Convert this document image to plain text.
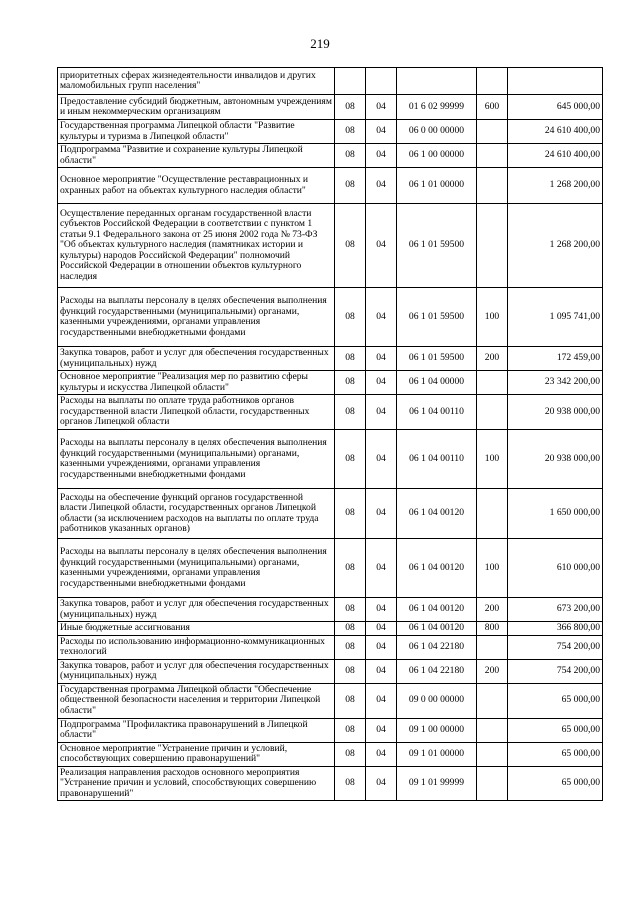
219
приоритетных сферах жизнедеятельности инвалидов и других маломобильных групп населения"					
Предоставление субсидий бюджетным, автономным учреждениям и иным некоммерческим организациям	08	04	01 6 02 99999	600	645 000,00
Государственная программа Липецкой области "Развитие культуры и туризма в Липецкой области"	08	04	06 0 00 00000		24 610 400,00
Подпрограмма "Развитие и сохранение культуры Липецкой области"	08	04	06 1 00 00000		24 610 400,00
Основное мероприятие "Осуществление реставрационных и охранных работ на объектах культурного наследия области"	08	04	06 1 01 00000		1 268 200,00
Осуществление переданных органам государственной власти субъектов Российской Федерации в соответствии с пунктом 1 статьи 9.1 Федерального закона от 25 июня 2002 года № 73-ФЗ "Об объектах культурного наследия (памятниках истории и культуры) народов Российской Федерации" полномочий Российской Федерации в отношении объектов культурного наследия	08	04	06 1 01 59500		1 268 200,00
Расходы на выплаты персоналу в целях обеспечения выполнения функций государственными (муниципальными) органами, казенными учреждениями, органами управления государственными внебюджетными фондами	08	04	06 1 01 59500	100	1 095 741,00
Закупка товаров, работ и услуг для обеспечения государственных (муниципальных) нужд	08	04	06 1 01 59500	200	172 459,00
Основное мероприятие "Реализация мер по развитию сферы культуры и искусства Липецкой области"	08	04	06 1 04 00000		23 342 200,00
Расходы на выплаты по оплате труда работников органов государственной власти Липецкой области, государственных органов Липецкой области	08	04	06 1 04 00110		20 938 000,00
Расходы на выплаты персоналу в целях обеспечения выполнения функций государственными (муниципальными) органами, казенными учреждениями, органами управления государственными внебюджетными фондами	08	04	06 1 04 00110	100	20 938 000,00
Расходы на обеспечение функций органов государственной власти Липецкой области, государственных органов Липецкой области (за исключением расходов на выплаты по оплате труда работников указанных органов)	08	04	06 1 04 00120		1 650 000,00
Расходы на выплаты персоналу в целях обеспечения выполнения функций государственными (муниципальными) органами, казенными учреждениями, органами управления государственными внебюджетными фондами	08	04	06 1 04 00120	100	610 000,00
Закупка товаров, работ и услуг для обеспечения государственных (муниципальных) нужд	08	04	06 1 04 00120	200	673 200,00
Иные бюджетные ассигнования	08	04	06 1 04 00120	800	366 800,00
Расходы по использованию информационно-коммуникационных технологий	08	04	06 1 04 22180		754 200,00
Закупка товаров, работ и услуг для обеспечения государственных (муниципальных) нужд	08	04	06 1 04 22180	200	754 200,00
Государственная программа Липецкой области "Обеспечение общественной безопасности населения и территории Липецкой области"	08	04	09 0 00 00000		65 000,00
Подпрограмма "Профилактика правонарушений в Липецкой области"	08	04	09 1 00 00000		65 000,00
Основное мероприятие "Устранение причин и условий, способствующих совершению правонарушений"	08	04	09 1 01 00000		65 000,00
Реализация направления расходов основного мероприятия "Устранение причин и условий, способствующих совершению правонарушений"	08	04	09 1 01 99999		65 000,00
